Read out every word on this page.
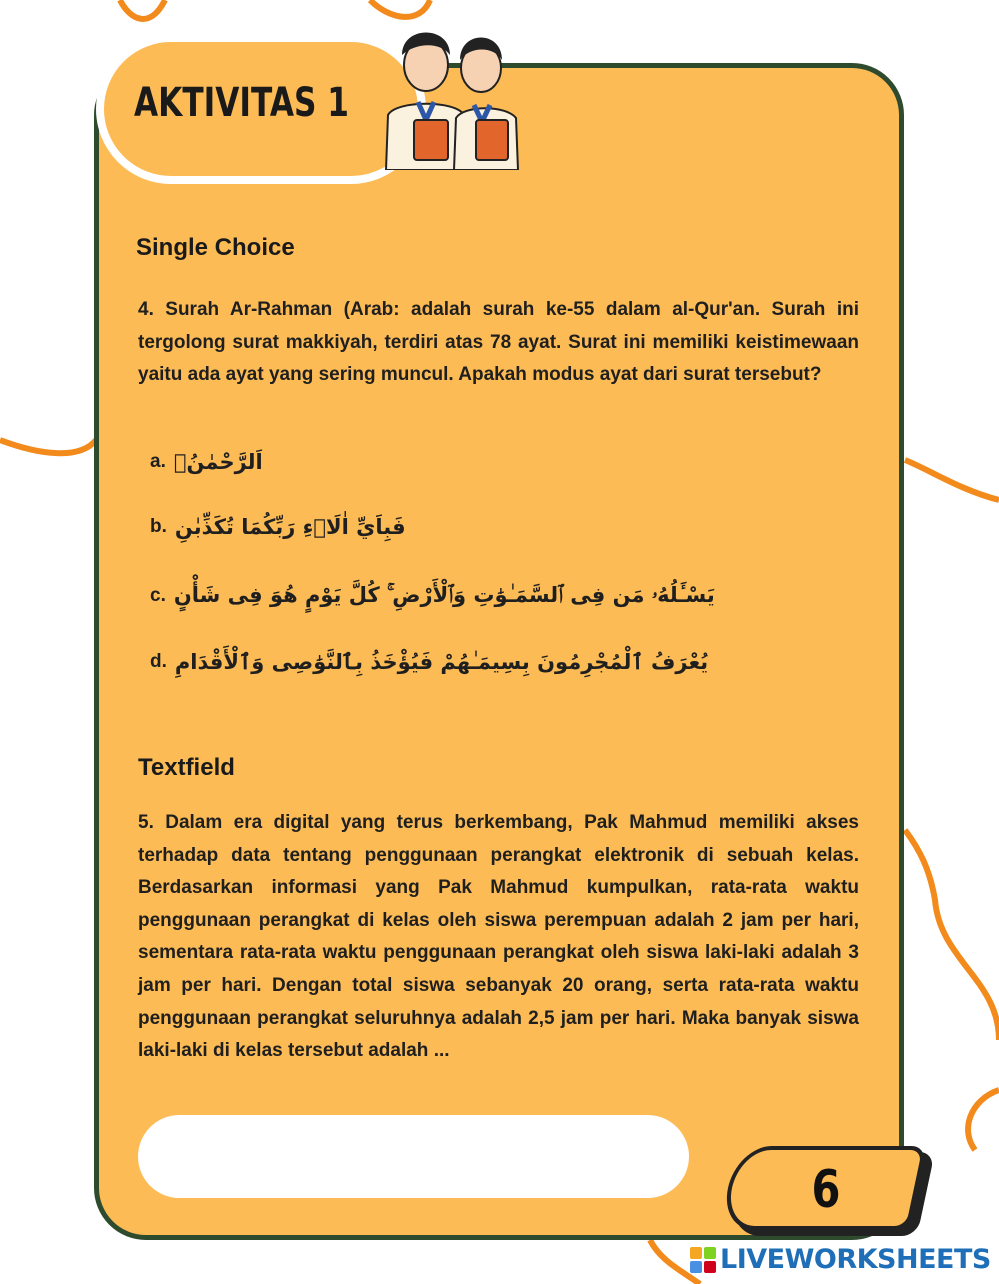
AKTIVITAS 1
Single Choice

4. Surah Ar-Rahman (Arab: adalah surah ke-55 dalam al-Qur'an. Surah ini tergolong surat makkiyah, terdiri atas 78 ayat. Surat ini memiliki keistimewaan yaitu ada ayat yang sering muncul. Apakah modus ayat dari surat tersebut?

a. اَلرَّحْمٰنُۙ
b. فَبِاَيِّ اٰلَاۤءِ رَبِّكُمَا تُكَذِّبٰنِ
c. يَسْـَٔلُهُۥ مَن فِى ٱلسَّمَـٰوَٰتِ وَٱلْأَرْضِ ۚ كُلَّ يَوْمٍ هُوَ فِى شَأْنٍ
d. يُعْرَفُ ٱلْمُجْرِمُونَ بِسِيمَـٰهُمْ فَيُؤْخَذُ بِٱلنَّوَٰصِى وَٱلْأَقْدَامِ
Textfield

5. Dalam era digital yang terus berkembang, Pak Mahmud memiliki akses terhadap data tentang penggunaan perangkat elektronik di sebuah kelas. Berdasarkan informasi yang Pak Mahmud kumpulkan, rata-rata waktu penggunaan perangkat di kelas oleh siswa perempuan adalah 2 jam per hari, sementara rata-rata waktu penggunaan perangkat oleh siswa laki-laki adalah 3 jam per hari. Dengan total siswa sebanyak 20 orang, serta rata-rata waktu penggunaan perangkat seluruhnya adalah 2,5 jam per hari. Maka banyak siswa laki-laki di kelas tersebut adalah ...

6
LIVEWORKSHEETS
